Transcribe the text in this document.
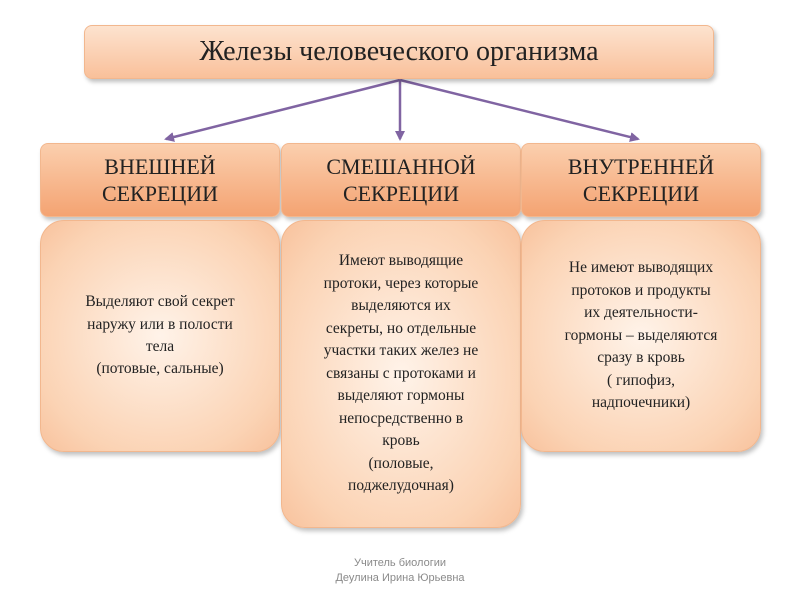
Железы человеческого организма
ВНЕШНЕЙ
СЕКРЕЦИИ
СМЕШАННОЙ
СЕКРЕЦИИ
ВНУТРЕННЕЙ
СЕКРЕЦИИ
Выделяют свой секрет
наружу или в полости
тела
(потовые, сальные)
Имеют выводящие
протоки, через которые
выделяются их
секреты, но отдельные
участки таких желез не
связаны с протоками и
выделяют гормоны
непосредственно в
кровь
(половые,
поджелудочная)
Не имеют выводящих
протоков и продукты
их деятельности-
гормоны – выделяются
сразу в кровь
( гипофиз,
надпочечники)
Учитель биологии
Деулина Ирина Юрьевна
